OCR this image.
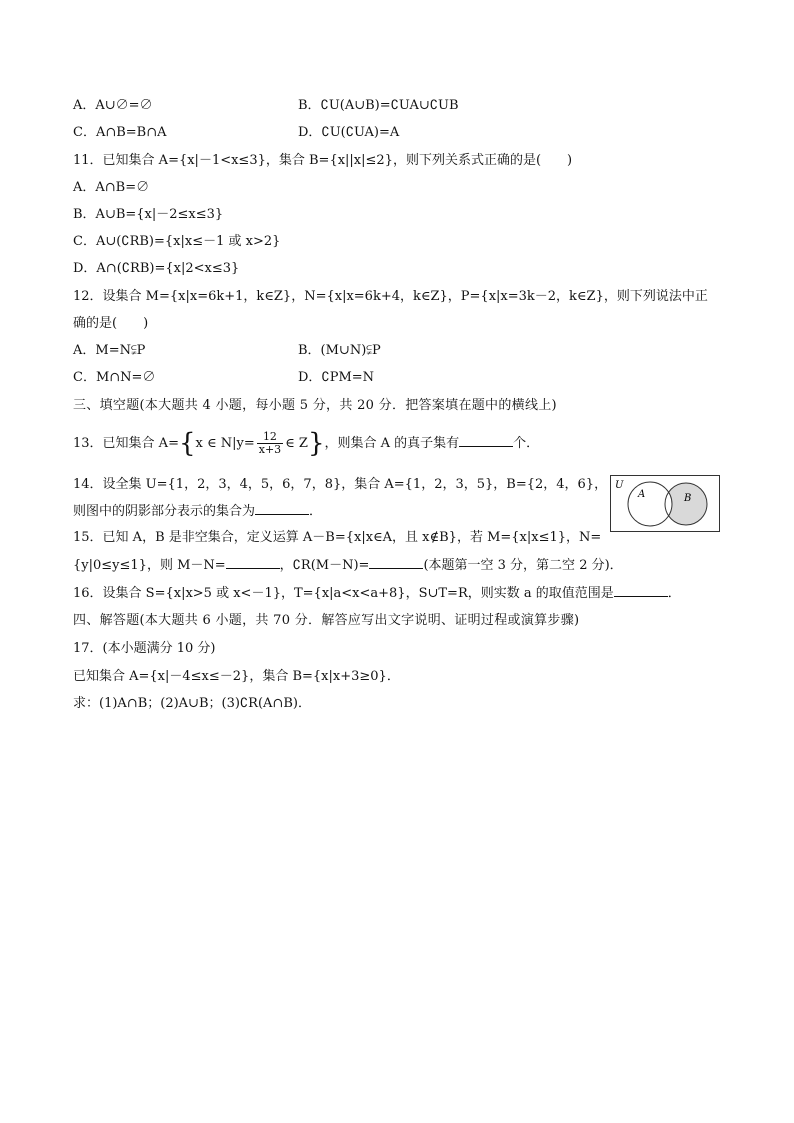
A．A∪∅=∅	B．∁U(A∪B)=∁UA∪∁UB
C．A∩B=B∩A	D．∁U(∁UA)=A
11．已知集合 A={x|－1<x≤3}，集合 B={x||x|≤2}，则下列关系式正确的是(　　)
A．A∩B=∅
B．A∪B={x|－2≤x≤3}
C．A∪(∁RB)={x|x≤－1 或 x>2}
D．A∩(∁RB)={x|2<x≤3}
12．设集合 M={x|x=6k+1，k∈Z}，N={x|x=6k+4，k∈Z}，P={x|x=3k－2，k∈Z}，则下列说法中正
确的是(　　)
A．M=N⫋P	B．(M∪N)⫋P
C．M∩N=∅	D．∁PM=N
三、填空题(本大题共 4 小题，每小题 5 分，共 20 分．把答案填在题中的横线上)
13．已知集合 A={x ∈ $N|y= \frac{12}{x+3}$ ∈ Z}，则集合 A 的真子集有	个．
14．设全集 U={1，2，3，4，5，6，7，8}，集合 A={1，2，3，5}，B={2，4，6}，
则图中的阴影部分表示的集合为	．
U
A	B
15．已知 A，B 是非空集合，定义运算 A－B={x|x∈A，且 x∉B}，若 M={x|x≤1}，N=
{y|0≤y≤1}，则 M－N=	，∁R(M－N)=	(本题第一空 3 分，第二空 2 分)．
16．设集合 S={x|x>5 或 x<－1}，T={x|a<x<a+8}，S∪T=R，则实数 a 的取值范围是	．
四、解答题(本大题共 6 小题，共 70 分．解答应写出文字说明、证明过程或演算步骤)
17．(本小题满分 10 分)
已知集合 A={x|－4≤x≤－2}，集合 B={x|x+3≥0}．
求：(1)A∩B；(2)A∪B；(3)∁R(A∩B)．
